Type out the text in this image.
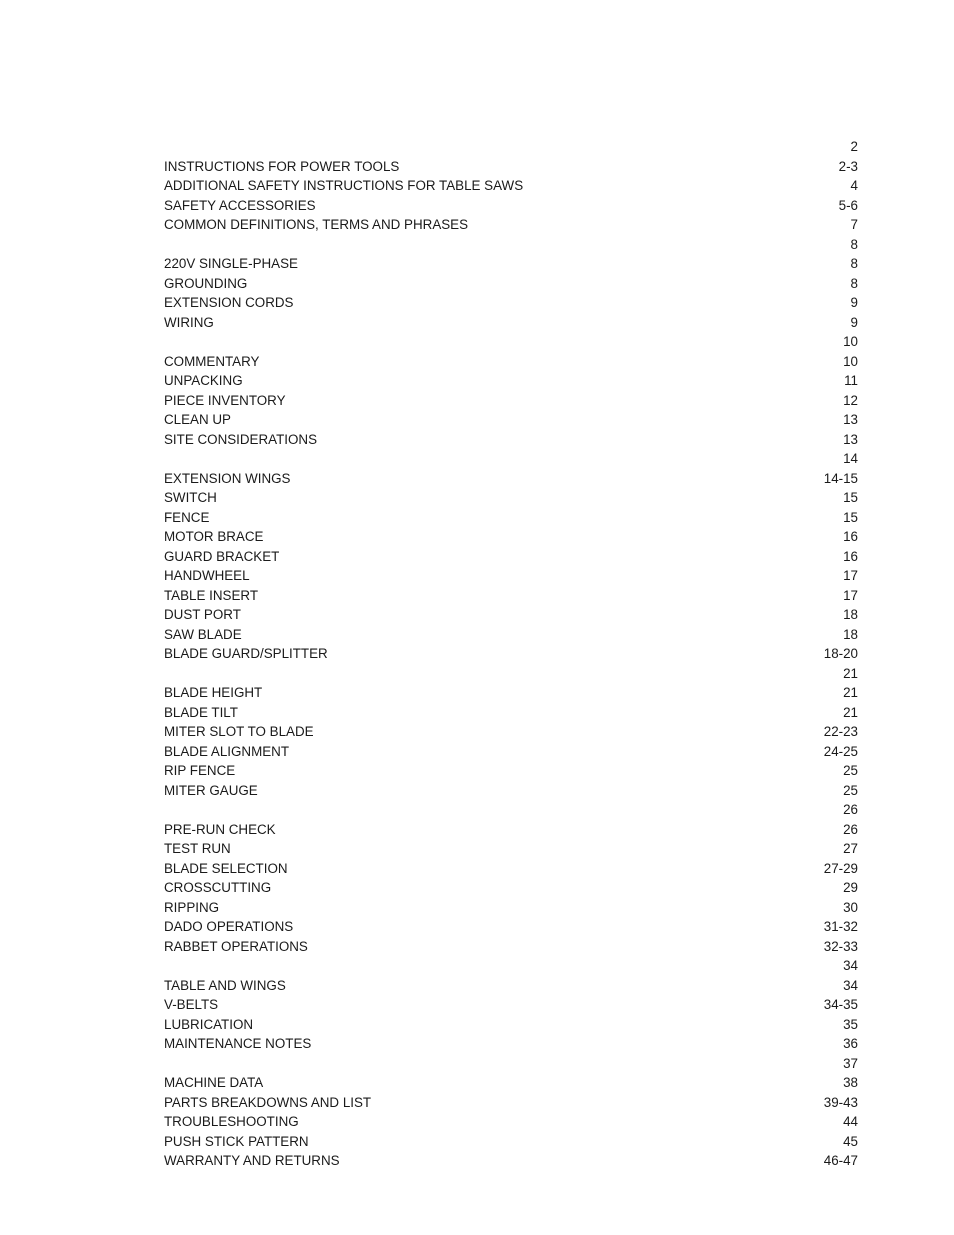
2
INSTRUCTIONS FOR POWER TOOLS	2-3
ADDITIONAL SAFETY INSTRUCTIONS FOR TABLE SAWS	4
SAFETY ACCESSORIES	5-6
COMMON DEFINITIONS, TERMS AND PHRASES	7
8
220V SINGLE-PHASE	8
GROUNDING	8
EXTENSION CORDS	9
WIRING	9
10
COMMENTARY	10
UNPACKING	11
PIECE INVENTORY	12
CLEAN UP	13
SITE CONSIDERATIONS	13
14
EXTENSION WINGS	14-15
SWITCH	15
FENCE	15
MOTOR BRACE	16
GUARD BRACKET	16
HANDWHEEL	17
TABLE INSERT	17
DUST PORT	18
SAW BLADE	18
BLADE GUARD/SPLITTER	18-20
21
BLADE HEIGHT	21
BLADE TILT	21
MITER SLOT TO BLADE	22-23
BLADE ALIGNMENT	24-25
RIP FENCE	25
MITER GAUGE	25
26
PRE-RUN CHECK	26
TEST RUN	27
BLADE SELECTION	27-29
CROSSCUTTING	29
RIPPING	30
DADO OPERATIONS	31-32
RABBET OPERATIONS	32-33
34
TABLE AND WINGS	34
V-BELTS	34-35
LUBRICATION	35
MAINTENANCE NOTES	36
37
MACHINE DATA	38
PARTS BREAKDOWNS AND LIST	39-43
TROUBLESHOOTING	44
PUSH STICK PATTERN	45
WARRANTY AND RETURNS	46-47
